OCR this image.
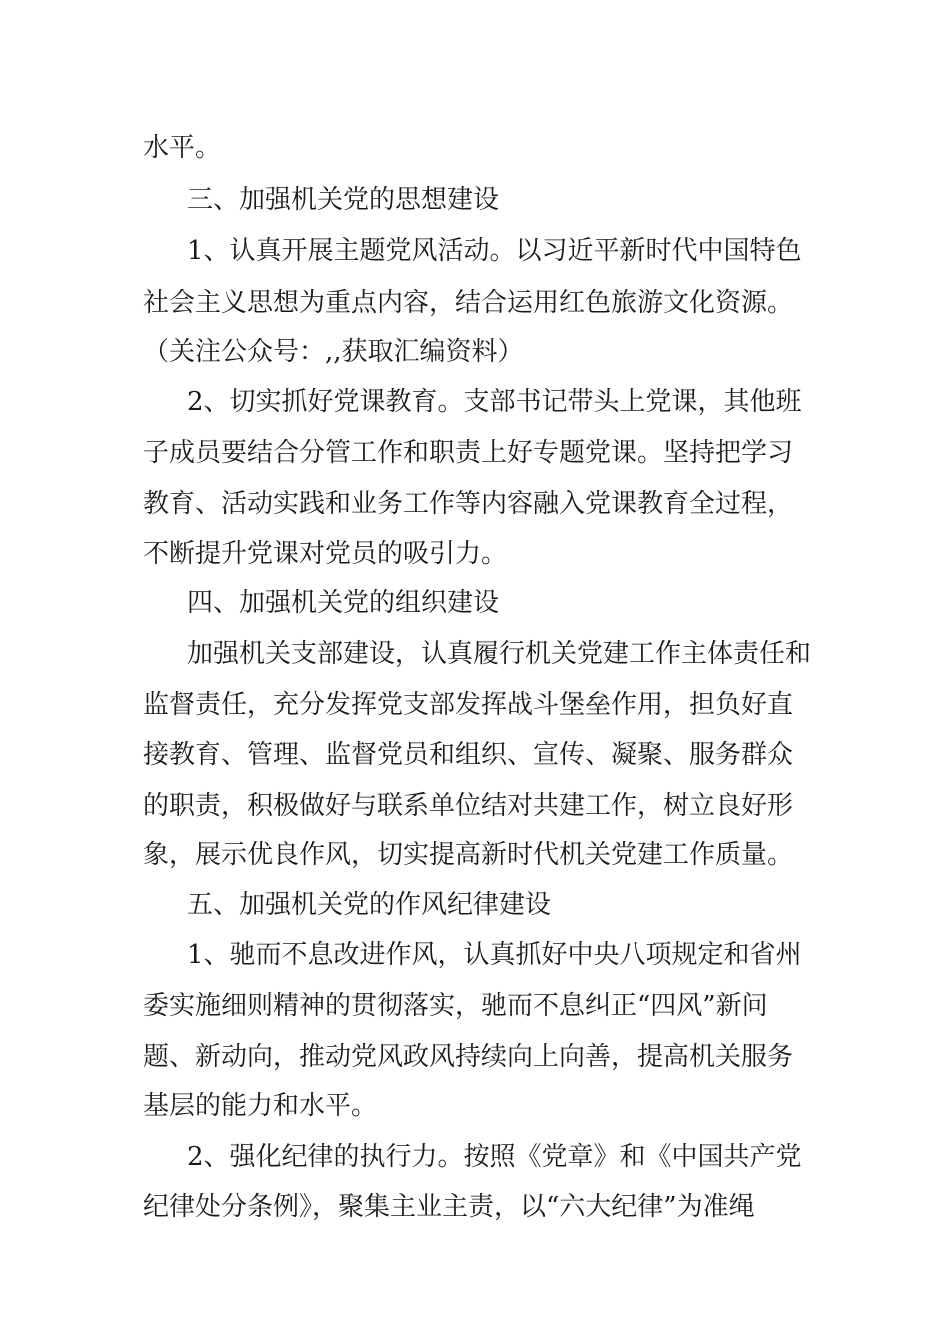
水平。
三、加强机关党的思想建设
1、认真开展主题党风活动。以习近平新时代中国特色
社会主义思想为重点内容，结合运用红色旅游文化资源。
（关注公众号：,,获取汇编资料）
2、切实抓好党课教育。支部书记带头上党课，其他班
子成员要结合分管工作和职责上好专题党课。坚持把学习
教育、活动实践和业务工作等内容融入党课教育全过程，
不断提升党课对党员的吸引力。
四、加强机关党的组织建设
加强机关支部建设，认真履行机关党建工作主体责任和
监督责任，充分发挥党支部发挥战斗堡垒作用，担负好直
接教育、管理、监督党员和组织、宣传、凝聚、服务群众
的职责，积极做好与联系单位结对共建工作，树立良好形
象，展示优良作风，切实提高新时代机关党建工作质量。
五、加强机关党的作风纪律建设
1、驰而不息改进作风，认真抓好中央八项规定和省州
委实施细则精神的贯彻落实，驰而不息纠正“四风”新问
题、新动向，推动党风政风持续向上向善，提高机关服务
基层的能力和水平。
2、强化纪律的执行力。按照《党章》和《中国共产党
纪律处分条例》，聚集主业主责，以“六大纪律”为准绳
